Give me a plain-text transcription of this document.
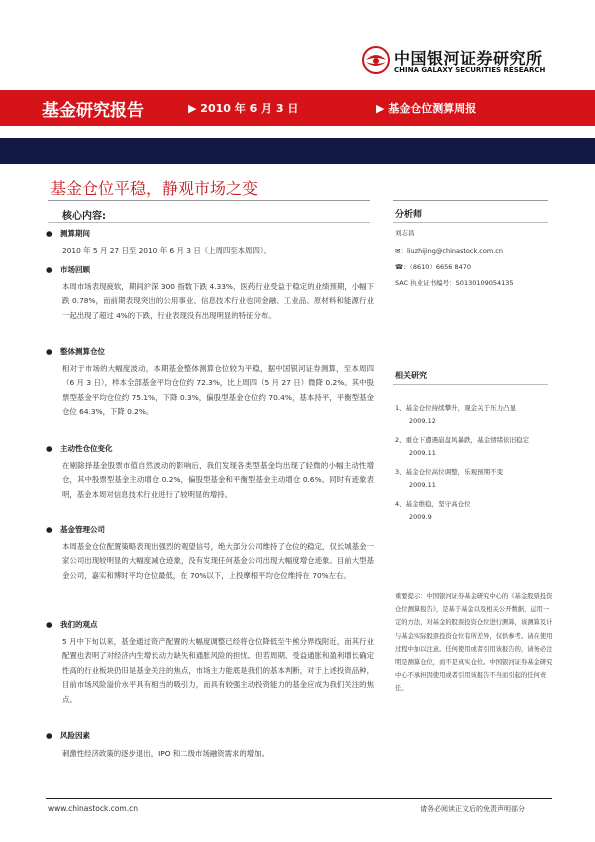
中国银河证券研究所
CHINA GALAXY SECURITIES RESEARCH
基金研究报告	▶ 2010 年 6 月 3 日	▶ 基金仓位测算周报
基金仓位平稳，静观市场之变
核心内容:
● 测算期间
2010 年 5 月 27 日至 2010 年 6 月 3 日（上周四至本周四）。
● 市场回顾
本周市场表现疲软，期间沪深 300 指数下跌 4.33%，医药行业受益于稳定的业绩预期，小幅下跌 0.78%，而前期表现突出的公用事业、信息技术行业也同金融、工业品、原材料和能源行业一起出现了超过 4%的下跌，行业表现没有出现明显的特征分布。
● 整体测算仓位
相对于市场的大幅度波动，本期基金整体测算仓位较为平稳，据中国银河证券测算，至本周四（6 月 3 日），样本全部基金平均仓位约 72.3%，比上周四（5 月 27 日）微降 0.2%。其中股票型基金平均仓位约 75.1%，下降 0.3%，偏股型基金仓位约 70.4%，基本持平，平衡型基金仓位 64.3%，下降 0.2%。
● 主动性仓位变化
在剔除择基金股票市值自然波动的影响后，我们发现各类型基金均出现了轻微的小幅主动性增仓，其中股票型基金主动增仓 0.2%，偏股型基金和平衡型基金主动增仓 0.6%。同时有迹象表明，基金本周对信息技术行业进行了较明显的增持。
● 基金管理公司
本周基金仓位配置策略表现出强烈的观望信号，绝大部分公司维持了仓位的稳定，仅长城基金一家公司出现较明显的大幅度减仓迹象，没有发现任何基金公司出现大幅度增仓迹象。目前大型基金公司，嘉实和博时平均仓位最低，在 70%以下，上投摩根平均仓位维持在 70%左右。
● 我们的观点
5 月中下旬以来，基金通过资产配置的大幅度调整已经将仓位降低至牛熊分界线附近，而其行业配置也表明了对经济内生增长动力缺失和通胀风险的担忧。但若周期、受益通胀和盈利增长确定性高的行业板块仍旧是基金关注的焦点，市场主力能底是我们的基本判断，对于上述投资品种，目前市场风险溢价水平具有相当的吸引力，而具有较强主动投资能力的基金应成为我们关注的焦点。
● 风险因素
刺激性经济政策的逐步退出，IPO 和二级市场融资需求的增加。
分析师
刘志昌
✉：liuzhijing@chinastock.com.cn
☎：（8610）6656 8470
SAC 执业证书编号：S0130109054135
相关研究
1、基金仓位持续攀升，观金关于压力凸显
2009.12
2、重仓下遭遇崩盘风暴跌，基金情绪依旧稳定
2009.11
3、基金仓位高位调整，乐观预期不变
2009.11
4、基金维稳，坚守高仓位
2009.9
重要提示：中国银河证券基金研究中心的《基金股票投资仓位测算报告》，是基于基金以及相关公开数据，运用一定的方法，对基金的股票投资仓位进行测算，该测算及计与基金实际股票投资仓位有所差异，仅供参考。请在使用过程中加以注意。任何使用或者引用该报告的，请务必注明是测算仓位，而不是真实仓位。中国银河证券基金研究中心不承担因使用或者引用该报告不当而引起的任何责任。
www.chinastock.com.cn	请务必阅读正文后的免责声明部分
